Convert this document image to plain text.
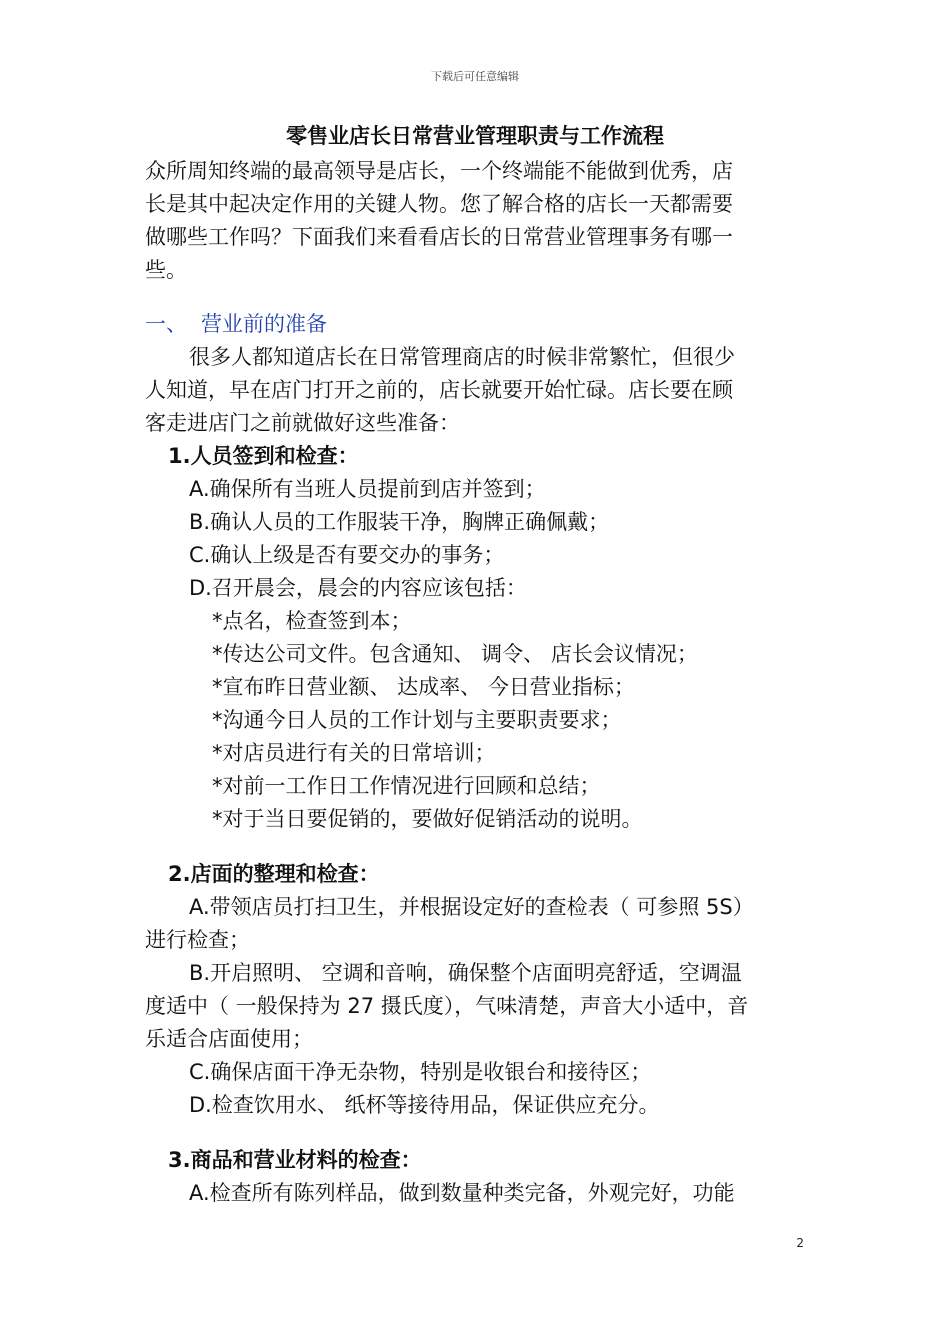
下载后可任意编辑
零售业店长日常营业管理职责与工作流程

众所周知终端的最高领导是店长，一个终端能不能做到优秀，店

长是其中起决定作用的关键人物。您了解合格的店长一天都需要

做哪些工作吗？下面我们来看看店长的日常营业管理事务有哪一

些。

一、 营业前的准备

很多人都知道店长在日常管理商店的时候非常繁忙，但很少

人知道，早在店门打开之前的，店长就要开始忙碌。店长要在顾

客走进店门之前就做好这些准备：

1.人员签到和检查：

A.确保所有当班人员提前到店并签到；

B.确认人员的工作服装干净，胸牌正确佩戴；

C.确认上级是否有要交办的事务；

D.召开晨会，晨会的内容应该包括：

*点名，检查签到本；

*传达公司文件。包含通知、 调令、 店长会议情况；

*宣布昨日营业额、 达成率、 今日营业指标；

*沟通今日人员的工作计划与主要职责要求；

*对店员进行有关的日常培训；

*对前一工作日工作情况进行回顾和总结；

*对于当日要促销的，要做好促销活动的说明。

2.店面的整理和检查：

A.带领店员打扫卫生，并根据设定好的查检表（ 可参照 5S）

进行检查；

B.开启照明、 空调和音响，确保整个店面明亮舒适，空调温

度适中（ 一般保持为 27 摄氏度），气味清楚，声音大小适中，音

乐适合店面使用；

C.确保店面干净无杂物，特别是收银台和接待区；

D.检查饮用水、 纸杯等接待用品，保证供应充分。

3.商品和营业材料的检查：

A.检查所有陈列样品，做到数量种类完备，外观完好，功能

2
